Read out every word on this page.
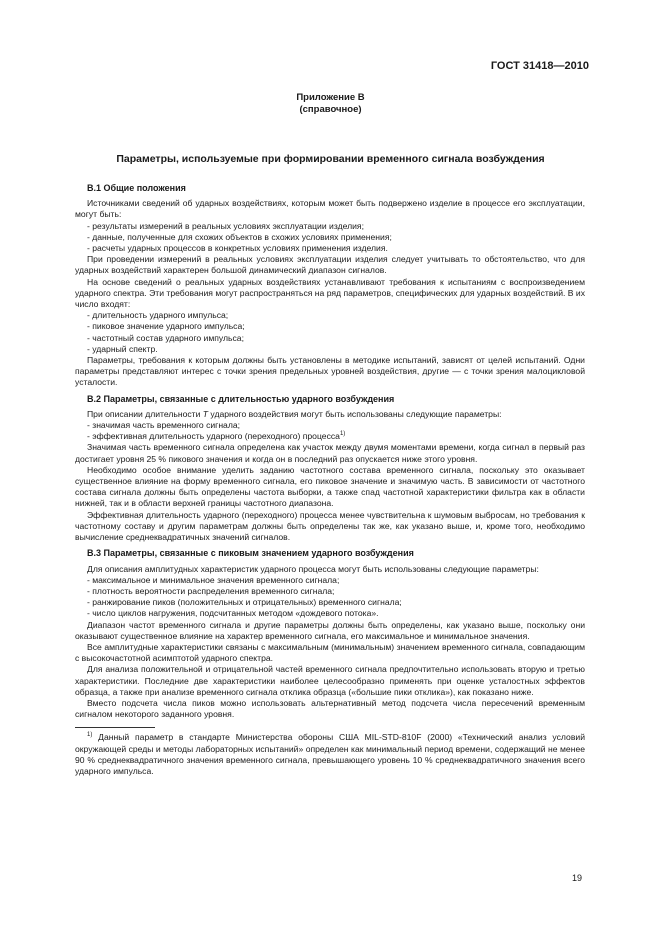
ГОСТ 31418—2010
Приложение В
(справочное)
Параметры, используемые при формировании временного сигнала возбуждения

В.1 Общие положения

Источниками сведений об ударных воздействиях, которым может быть подвержено изделие в процессе его эксплуатации, могут быть:

- результаты измерений в реальных условиях эксплуатации изделия;

- данные, полученные для схожих объектов в схожих условиях применения;

- расчеты ударных процессов в конкретных условиях применения изделия.

При проведении измерений в реальных условиях эксплуатации изделия следует учитывать то обстоятельство, что для ударных воздействий характерен большой динамический диапазон сигналов.

На основе сведений о реальных ударных воздействиях устанавливают требования к испытаниям с воспроизведением ударного спектра. Эти требования могут распространяться на ряд параметров, специфических для ударных воздействий. В их число входят:

- длительность ударного импульса;

- пиковое значение ударного импульса;

- частотный состав ударного импульса;

- ударный спектр.

Параметры, требования к которым должны быть установлены в методике испытаний, зависят от целей испытаний. Одни параметры представляют интерес с точки зрения предельных уровней воздействия, другие — с точки зрения малоцикловой усталости.

В.2 Параметры, связанные с длительностью ударного возбуждения

При описании длительности T ударного воздействия могут быть использованы следующие параметры:

- значимая часть временного сигнала;

- эффективная длительность ударного (переходного) процесса$^{1)}$

Значимая часть временного сигнала определена как участок между двумя моментами времени, когда сигнал в первый раз достигает уровня 25 % пикового значения и когда он в последний раз опускается ниже этого уровня.

Необходимо особое внимание уделить заданию частотного состава временного сигнала, поскольку это оказывает существенное влияние на форму временного сигнала, его пиковое значение и значимую часть. В зависимости от частотного состава сигнала должны быть определены частота выборки, а также спад частотной характеристики фильтра как в области нижней, так и в области верхней границы частотного диапазона.

Эффективная длительность ударного (переходного) процесса менее чувствительна к шумовым выбросам, но требования к частотному составу и другим параметрам должны быть определены так же, как указано выше, и, кроме того, необходимо вычисление среднеквадратичных значений сигналов.

В.3 Параметры, связанные с пиковым значением ударного возбуждения

Для описания амплитудных характеристик ударного процесса могут быть использованы следующие параметры:

- максимальное и минимальное значения временного сигнала;

- плотность вероятности распределения временного сигнала;

- ранжирование пиков (положительных и отрицательных) временного сигнала;

- число циклов нагружения, подсчитанных методом «дождевого потока».

Диапазон частот временного сигнала и другие параметры должны быть определены, как указано выше, поскольку они оказывают существенное влияние на характер временного сигнала, его максимальное и минимальное значения.

Все амплитудные характеристики связаны с максимальным (минимальным) значением временного сигнала, совпадающим с высокочастотной асимптотой ударного спектра.

Для анализа положительной и отрицательной частей временного сигнала предпочтительно использовать вторую и третью характеристики. Последние две характеристики наиболее целесообразно применять при оценке усталостных эффектов образца, а также при анализе временного сигнала отклика образца («большие пики отклика»), как показано ниже.

Вместо подсчета числа пиков можно использовать альтернативный метод подсчета числа пересечений временным сигналом некоторого заданного уровня.

$^{1)}$ Данный параметр в стандарте Министерства обороны США MIL-STD-810F (2000) «Технический анализ условий окружающей среды и методы лабораторных испытаний» определен как минимальный период времени, содержащий не менее 90 % среднеквадратичного значения временного сигнала, превышающего уровень 10 % среднеквадратичного значения всего ударного импульса.

19
